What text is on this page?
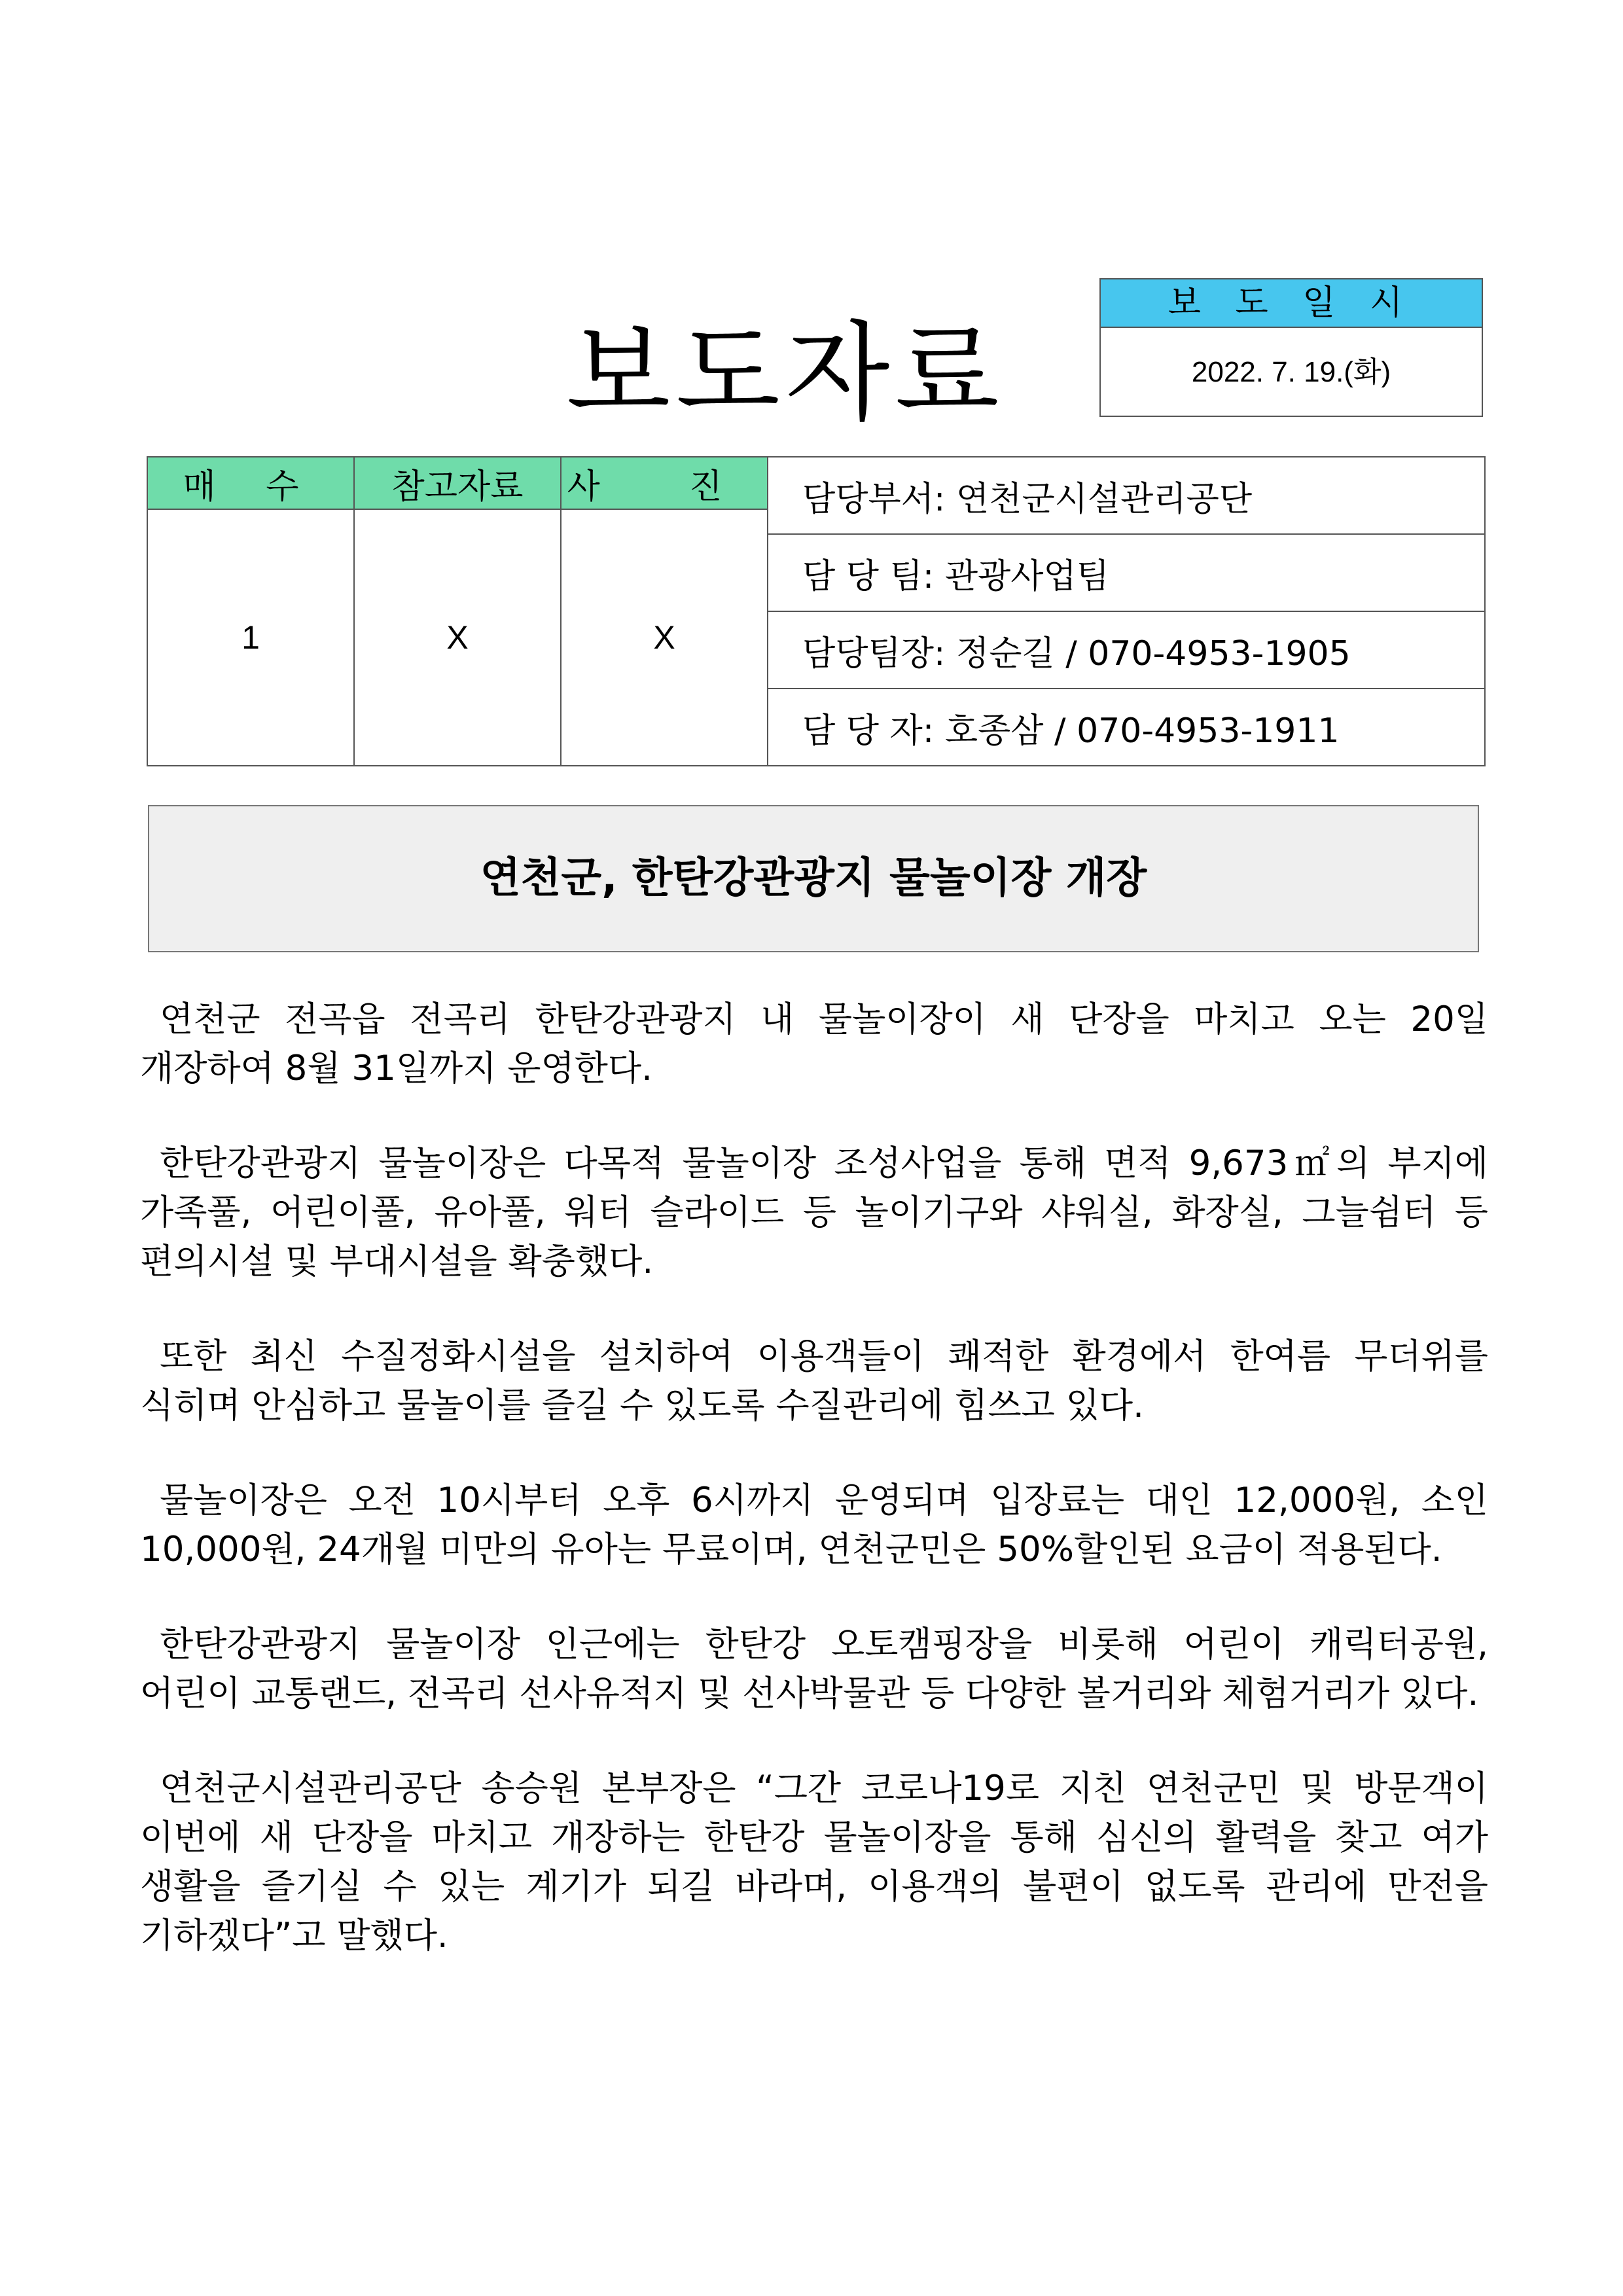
보도자료
보 도 일 시
2022. 7. 19.(화)
매 수	참고자료	사 진	담당부서: 연천군시설관리공단
1	X	X	
			담 당 팀: 관광사업팀
			담당팀장: 정순길 / 070-4953-1905
			담 당 자: 호종삼 / 070-4953-1911
연천군, 한탄강관광지 물놀이장 개장

연천군 전곡읍 전곡리 한탄강관광지 내 물놀이장이 새 단장을 마치고 오는 20일 개장하여 8월 31일까지 운영한다.

한탄강관광지 물놀이장은 다목적 물놀이장 조성사업을 통해 면적 9,673㎡의 부지에 가족풀, 어린이풀, 유아풀, 워터 슬라이드 등 놀이기구와 샤워실, 화장실, 그늘쉼터 등 편의시설 및 부대시설을 확충했다.

또한 최신 수질정화시설을 설치하여 이용객들이 쾌적한 환경에서 한여름 무더위를 식히며 안심하고 물놀이를 즐길 수 있도록 수질관리에 힘쓰고 있다.

물놀이장은 오전 10시부터 오후 6시까지 운영되며 입장료는 대인 12,000원, 소인 10,000원, 24개월 미만의 유아는 무료이며, 연천군민은 50%할인된 요금이 적용된다.

한탄강관광지 물놀이장 인근에는 한탄강 오토캠핑장을 비롯해 어린이 캐릭터공원, 어린이 교통랜드, 전곡리 선사유적지 및 선사박물관 등 다양한 볼거리와 체험거리가 있다.

연천군시설관리공단 송승원 본부장은 “그간 코로나19로 지친 연천군민 및 방문객이 이번에 새 단장을 마치고 개장하는 한탄강 물놀이장을 통해 심신의 활력을 찾고 여가 생활을 즐기실 수 있는 계기가 되길 바라며, 이용객의 불편이 없도록 관리에 만전을 기하겠다”고 말했다.
